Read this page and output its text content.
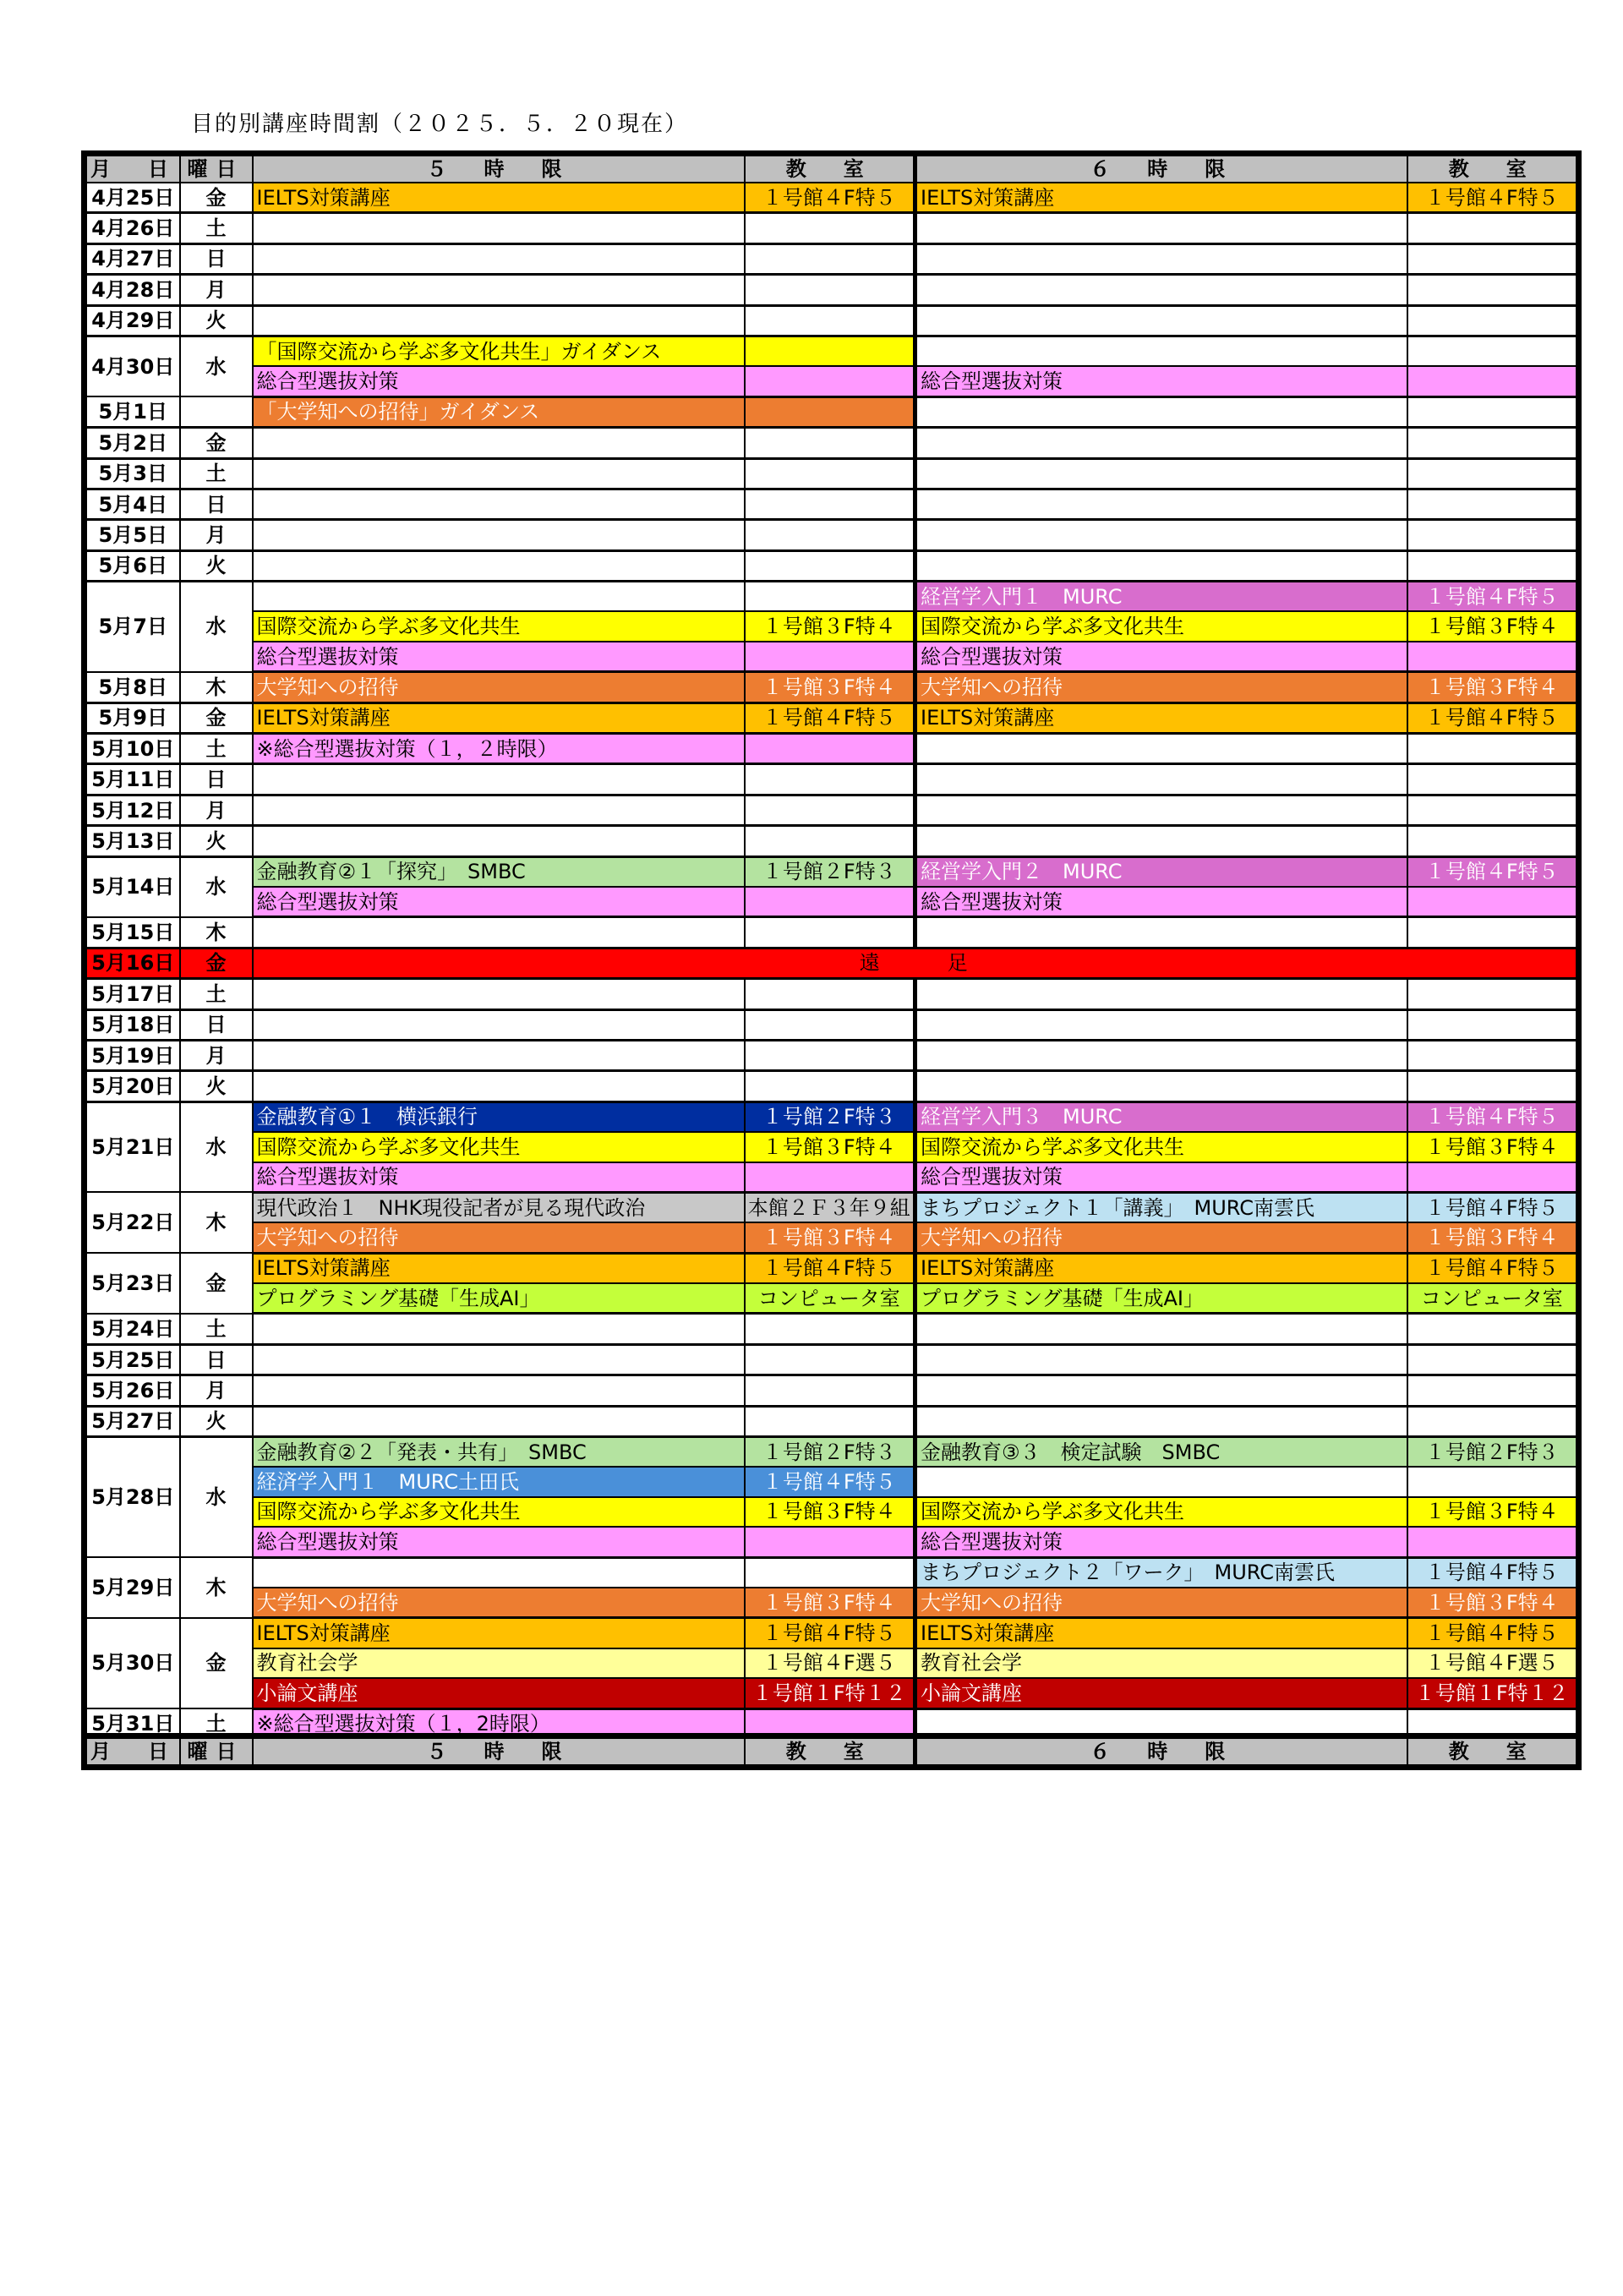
目的別講座時間割（２０２５．５．２０現在）
月　日	曜日	５　時　限	教　室	６　時　限	教　室
4月25日	金	IELTS対策講座	１号館４F特５	IELTS対策講座	１号館４F特５
4月26日	土				
4月27日	日				
4月28日	月				
4月29日	火				
4月30日	水	「国際交流から学ぶ多文化共生」ガイダンス			
		総合型選抜対策		総合型選抜対策	
5月1日		「大学知への招待」ガイダンス			
5月2日	金				
5月3日	土				
5月4日	日				
5月5日	月				
5月6日	火				
5月7日	水			経営学入門１　MURC	１号館４F特５
		国際交流から学ぶ多文化共生	１号館３F特４	国際交流から学ぶ多文化共生	１号館３F特４
		総合型選抜対策		総合型選抜対策	
5月8日	木	大学知への招待	１号館３F特４	大学知への招待	１号館３F特４
5月9日	金	IELTS対策講座	１号館４F特５	IELTS対策講座	１号館４F特５
5月10日	土	※総合型選抜対策（１，２時限）			
5月11日	日				
5月12日	月				
5月13日	火				
5月14日	水	金融教育②１「探究」　SMBC	１号館２F特３	経営学入門２　MURC	１号館４F特５
		総合型選抜対策		総合型選抜対策	
5月15日	木				
5月16日	金	遠　　　足			
5月17日	土				
5月18日	日				
5月19日	月				
5月20日	火				
5月21日	水	金融教育①１　横浜銀行	１号館２F特３	経営学入門３　MURC	１号館４F特５
		国際交流から学ぶ多文化共生	１号館３F特４	国際交流から学ぶ多文化共生	１号館３F特４
		総合型選抜対策		総合型選抜対策	
5月22日	木	現代政治１　NHK現役記者が見る現代政治	本館２Ｆ３年９組	まちプロジェクト１「講義」　MURC南雲氏	１号館４F特５
		大学知への招待	１号館３F特４	大学知への招待	１号館３F特４
5月23日	金	IELTS対策講座	１号館４F特５	IELTS対策講座	１号館４F特５
		プログラミング基礎「生成AI」	コンピュータ室	プログラミング基礎「生成AI」	コンピュータ室
5月24日	土				
5月25日	日				
5月26日	月				
5月27日	火				
5月28日	水	金融教育②２「発表・共有」　SMBC	１号館２F特３	金融教育③３　検定試験　SMBC	１号館２F特３
		経済学入門１　MURC土田氏	１号館４F特５		
		国際交流から学ぶ多文化共生	１号館３F特４	国際交流から学ぶ多文化共生	１号館３F特４
		総合型選抜対策		総合型選抜対策	
5月29日	木			まちプロジェクト２「ワーク」　MURC南雲氏	１号館４F特５
		大学知への招待	１号館３F特４	大学知への招待	１号館３F特４
5月30日	金	IELTS対策講座	１号館４F特５	IELTS対策講座	１号館４F特５
		教育社会学	１号館４F選５	教育社会学	１号館４F選５
		小論文講座	１号館１F特１２	小論文講座	１号館１F特１２
5月31日	土	※総合型選抜対策（１，2時限）			
月　日	曜日	５　時　限	教　室	６　時　限	教　室
